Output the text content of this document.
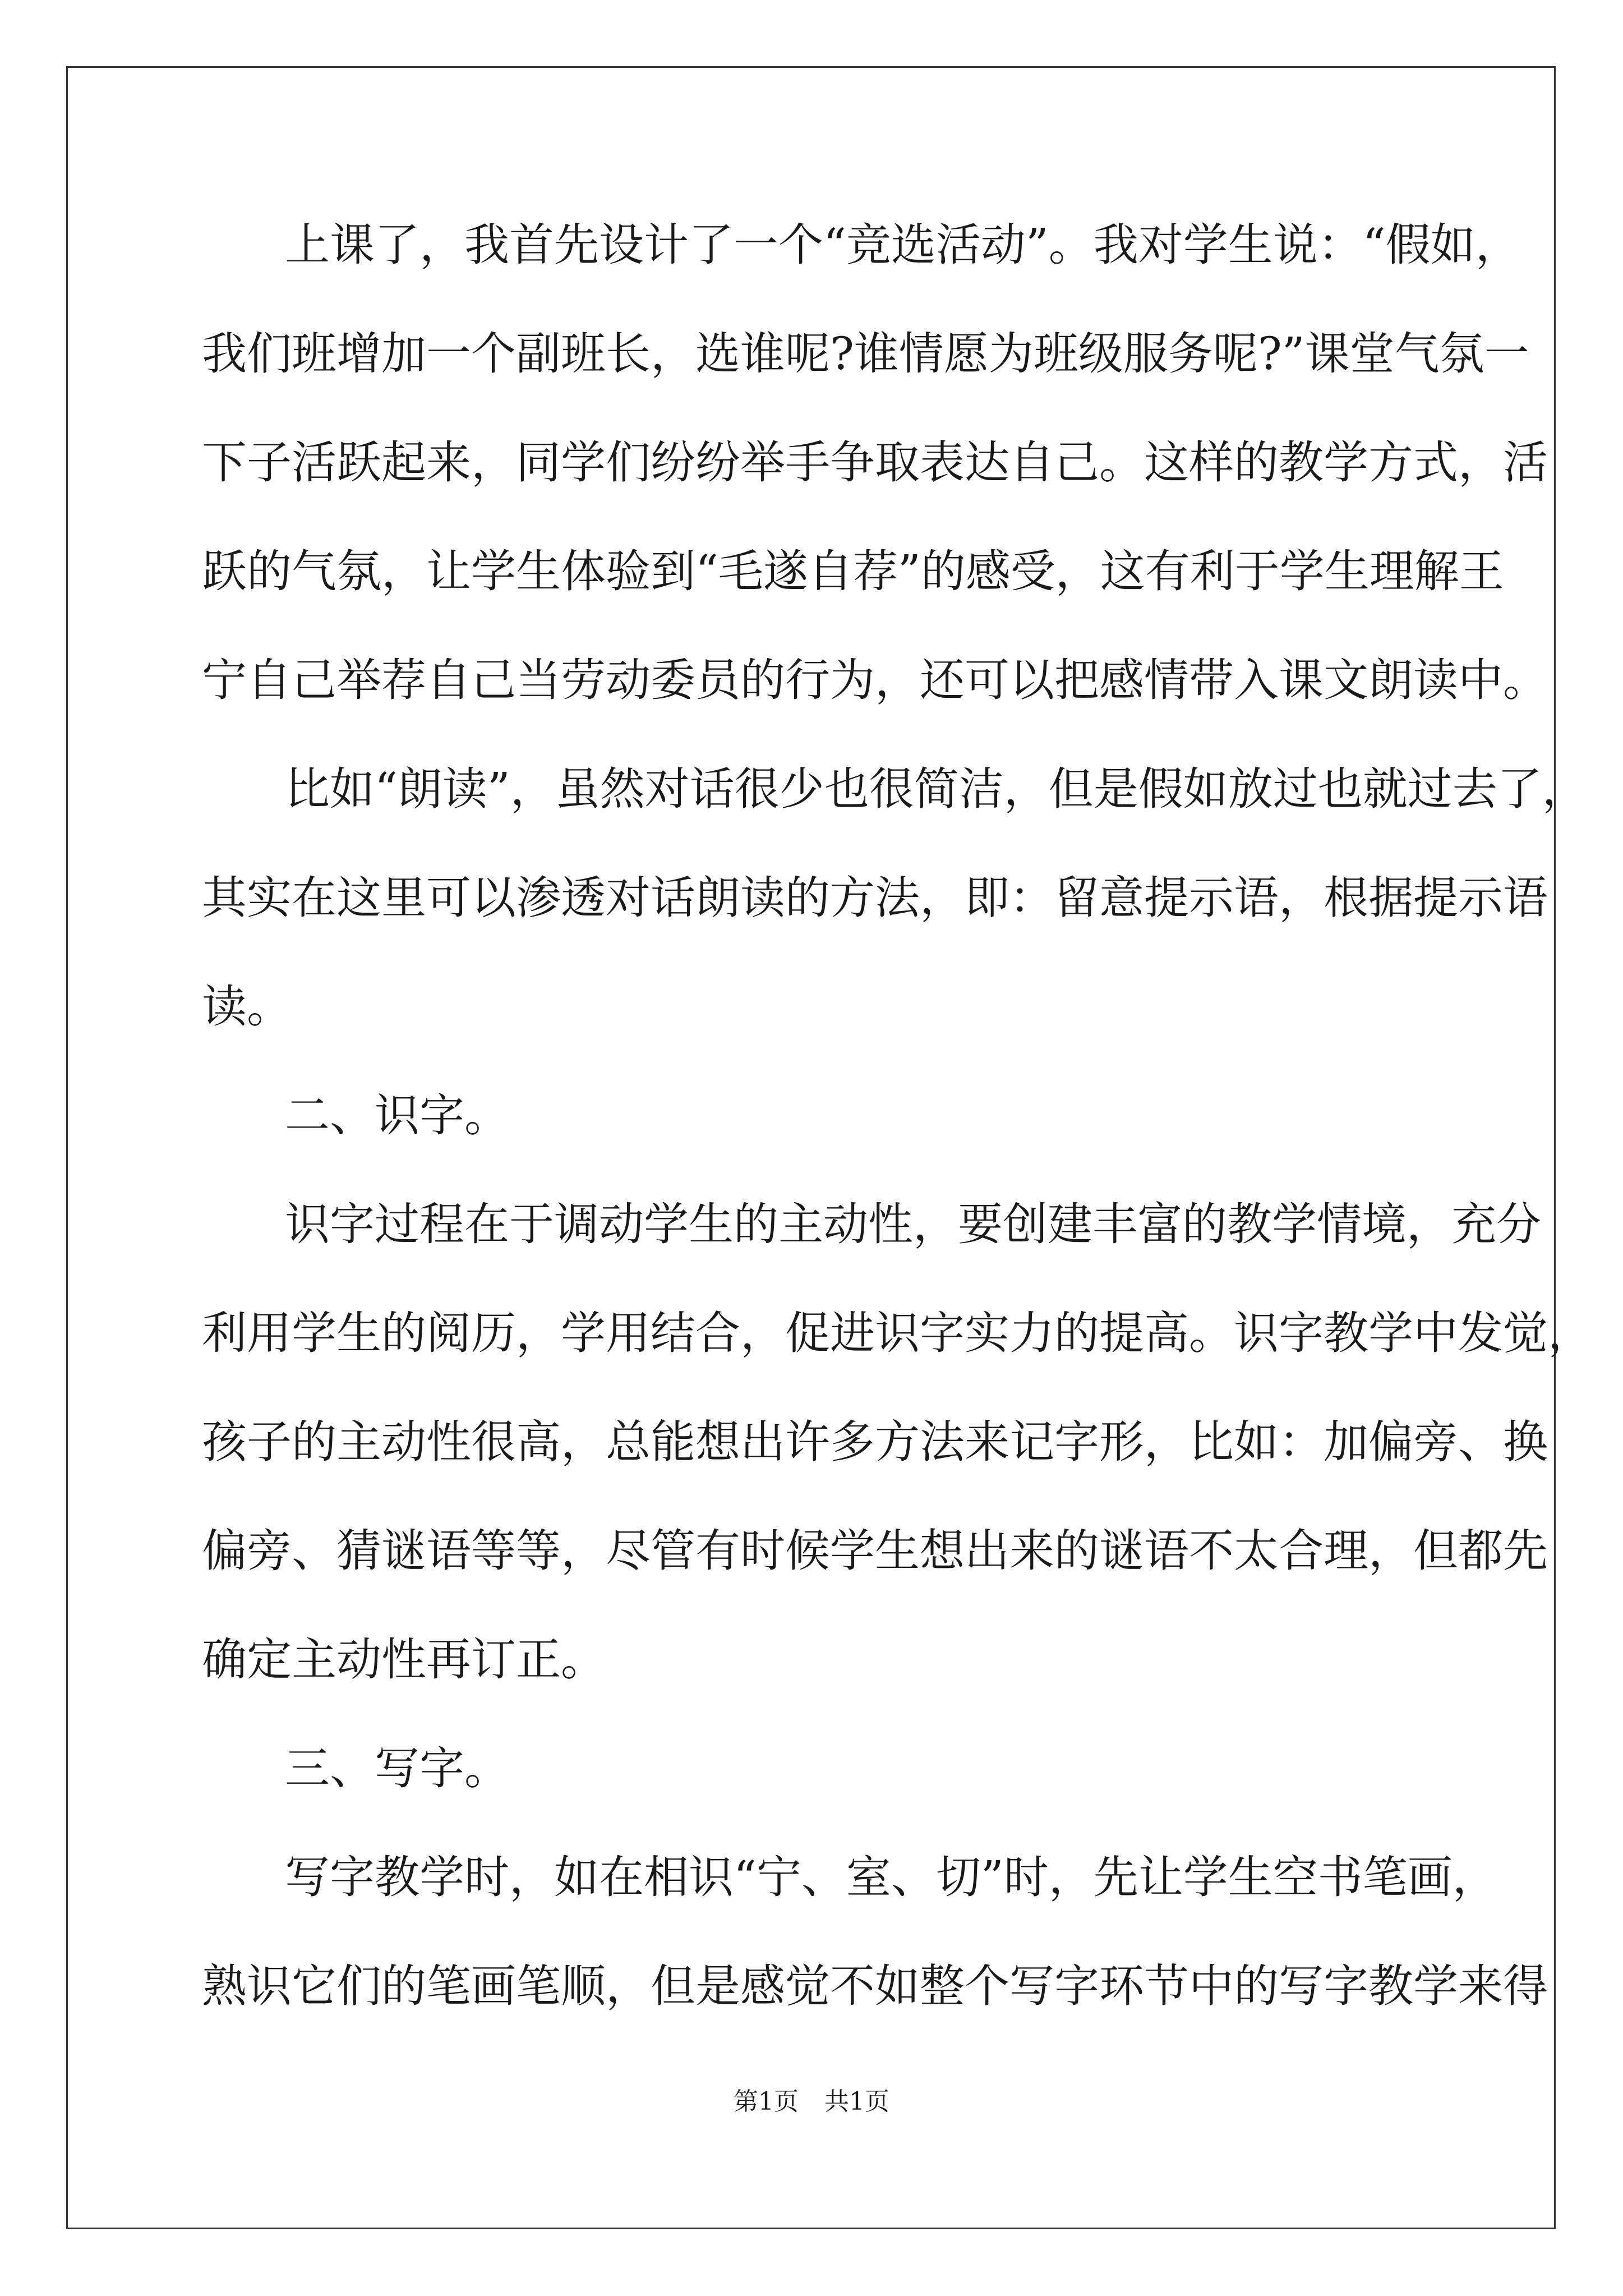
上课了，我首先设计了一个“竞选活动”。我对学生说：“假如，
我们班增加一个副班长，选谁呢?谁情愿为班级服务呢?”课堂气氛一
下子活跃起来，同学们纷纷举手争取表达自己。这样的教学方式，活
跃的气氛，让学生体验到“毛遂自荐”的感受，这有利于学生理解王
宁自己举荐自己当劳动委员的行为，还可以把感情带入课文朗读中。

比如“朗读”，虽然对话很少也很简洁，但是假如放过也就过去了，
其实在这里可以渗透对话朗读的方法，即：留意提示语，根据提示语
读。

二、识字。

识字过程在于调动学生的主动性，要创建丰富的教学情境，充分
利用学生的阅历，学用结合，促进识字实力的提高。识字教学中发觉，
孩子的主动性很高，总能想出许多方法来记字形，比如：加偏旁、换
偏旁、猜谜语等等，尽管有时候学生想出来的谜语不太合理，但都先
确定主动性再订正。

三、写字。

写字教学时，如在相识“宁、室、切”时，先让学生空书笔画，
熟识它们的笔画笔顺，但是感觉不如整个写字环节中的写字教学来得

第1页 共1页
